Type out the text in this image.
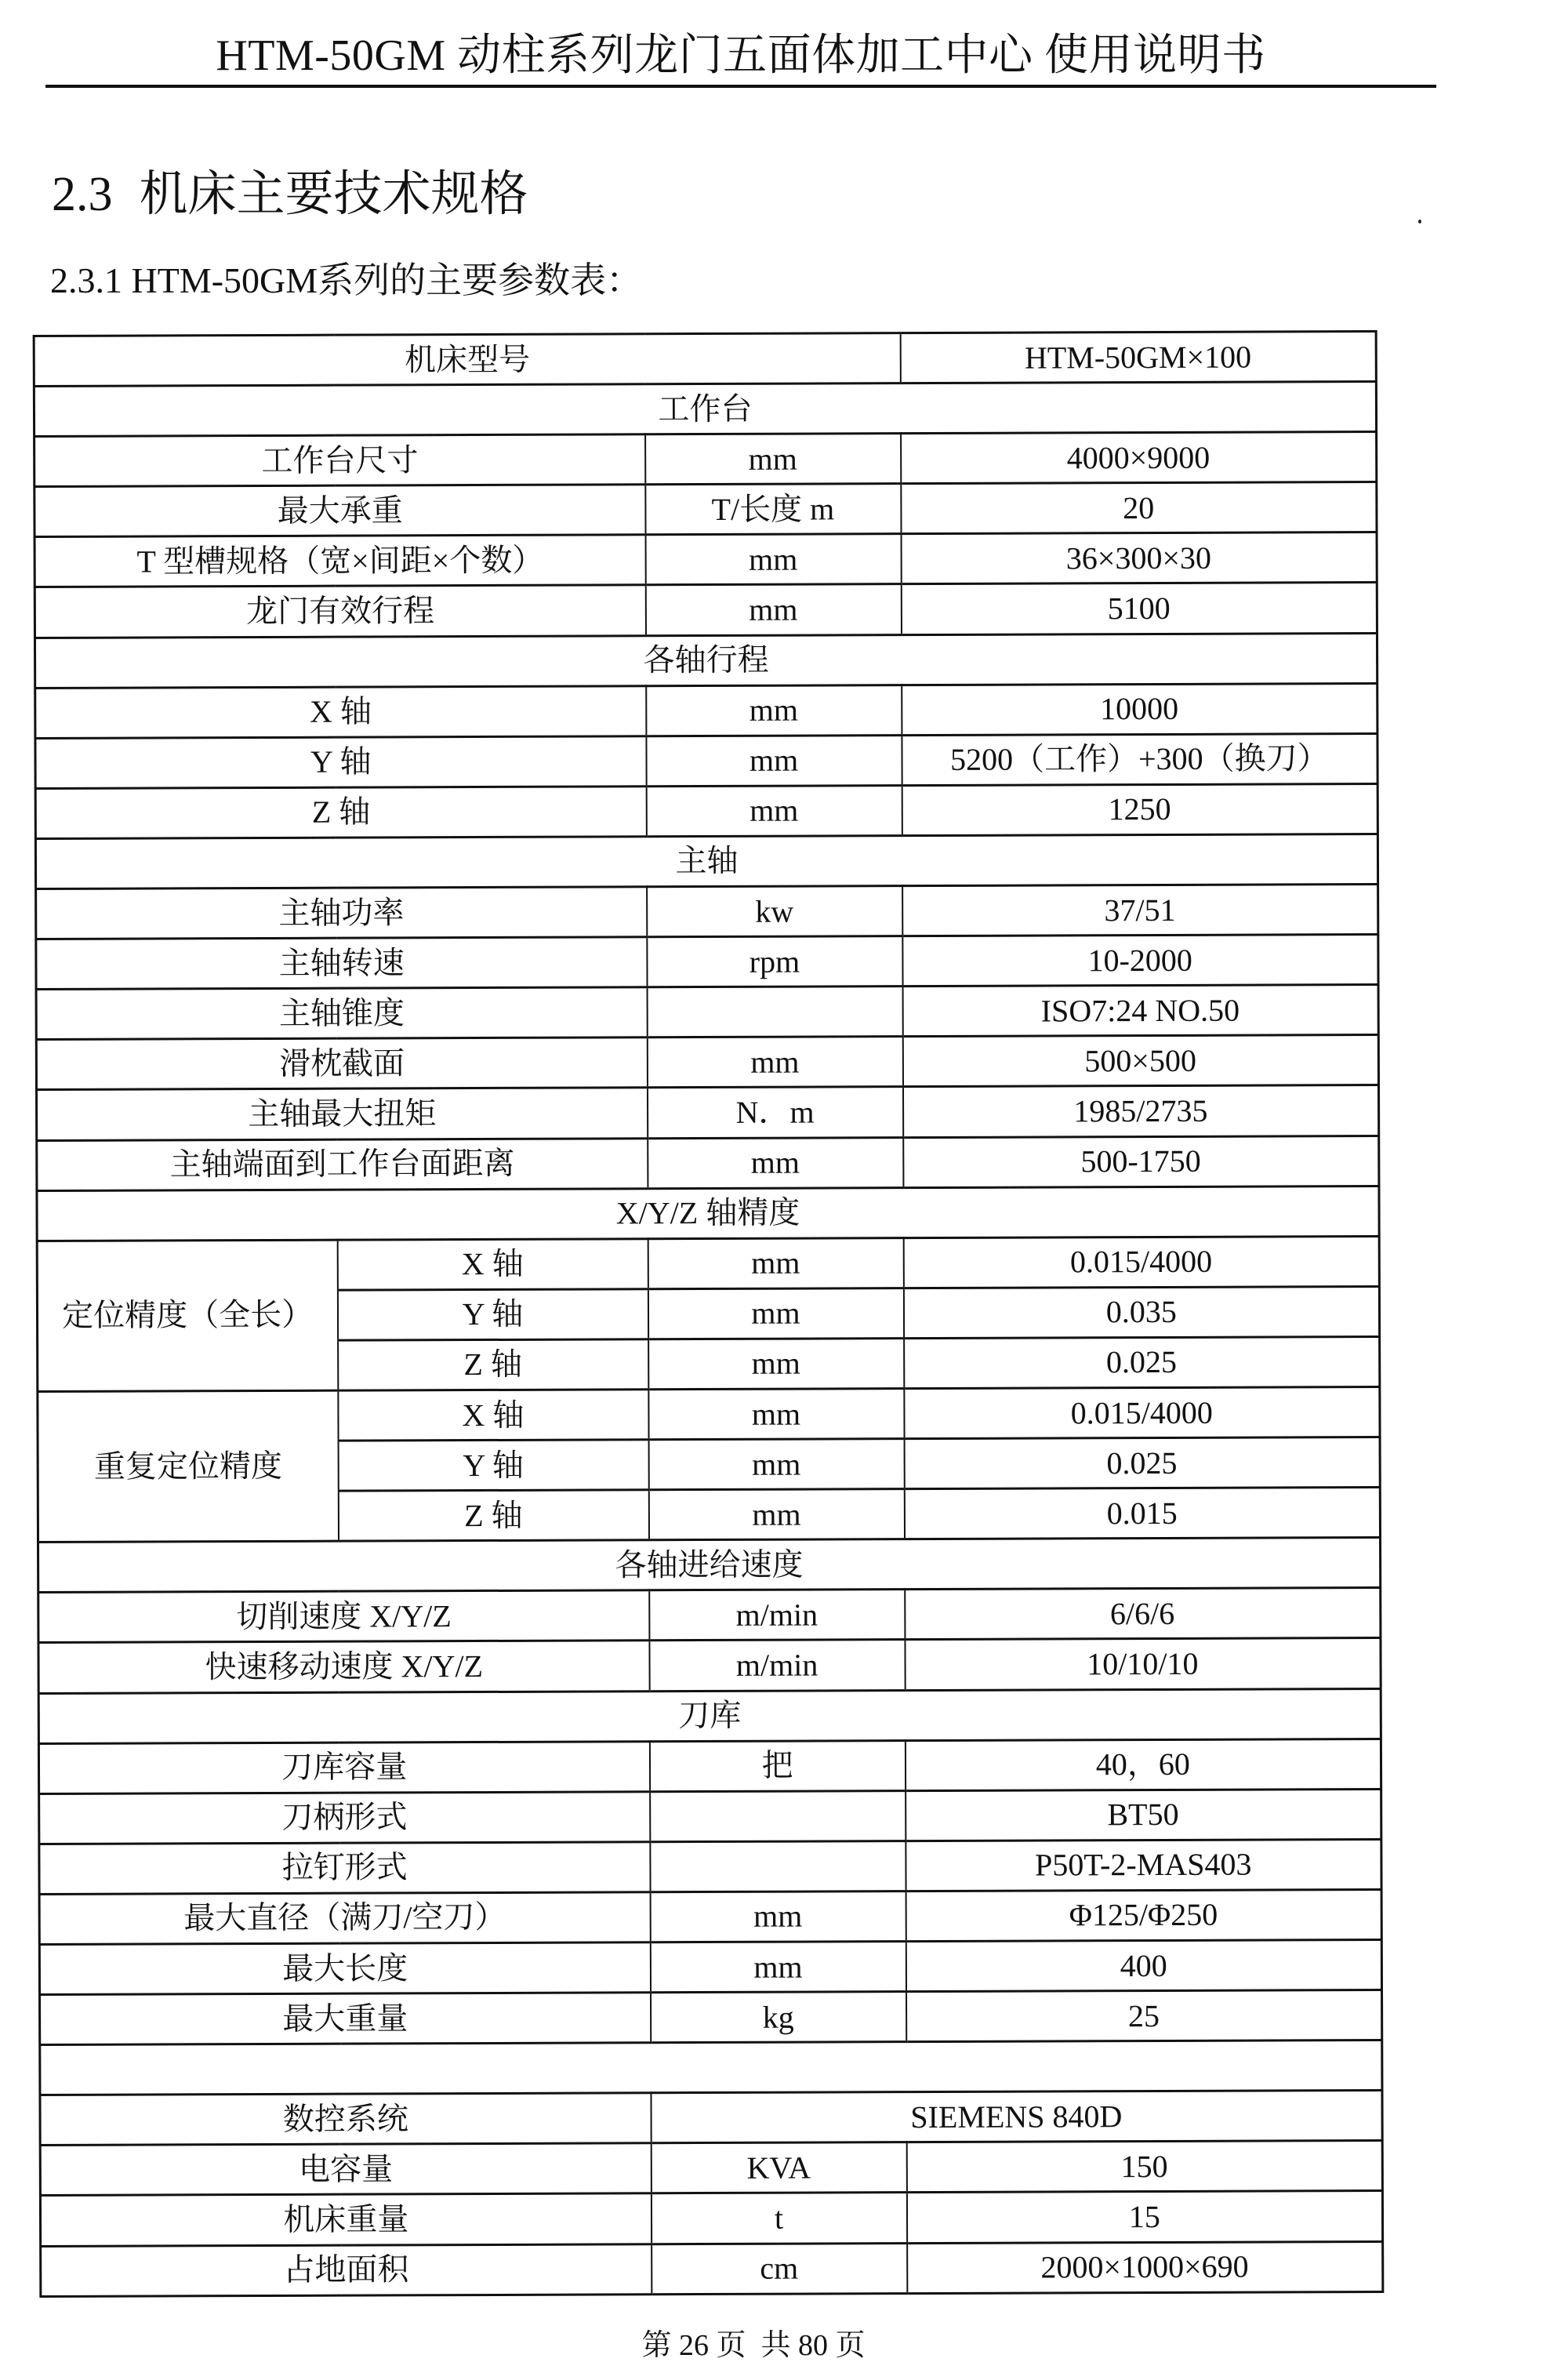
HTM-50GM 动柱系列龙门五面体加工中心 使用说明书
2.3 机床主要技术规格
2.3.1 HTM-50GM系列的主要参数表：
机床型号			HTM-50GM×100
工作台			
工作台尺寸		mm	4000×9000
最大承重		T/长度 m	20
T 型槽规格（宽×间距×个数）		mm	36×300×30
龙门有效行程		mm	5100
各轴行程			
X 轴		mm	10000
Y 轴		mm	5200（工作）+300（换刀）
Z 轴		mm	1250
主轴			
主轴功率		kw	37/51
主轴转速		rpm	10-2000
主轴锥度			ISO7:24 NO.50
滑枕截面		mm	500×500
主轴最大扭矩		N．m	1985/2735
主轴端面到工作台面距离		mm	500-1750
X/Y/Z 轴精度			
定位精度（全长）	X 轴	mm	0.015/4000
	Y 轴	mm	0.035
	Z 轴	mm	0.025
重复定位精度	X 轴	mm	0.015/4000
	Y 轴	mm	0.025
	Z 轴	mm	0.015
各轴进给速度			
切削速度 X/Y/Z		m/min	6/6/6
快速移动速度 X/Y/Z		m/min	10/10/10
刀库			
刀库容量		把	40，60
刀柄形式			BT50
拉钉形式			P50T-2-MAS403
最大直径（满刀/空刀）		mm	Φ125/Φ250
最大长度		mm	400
最大重量		kg	25

数控系统		SIEMENS 840D	
电容量		KVA	150
机床重量		t	15
占地面积		cm	2000×1000×690
第 26 页  共 80 页
